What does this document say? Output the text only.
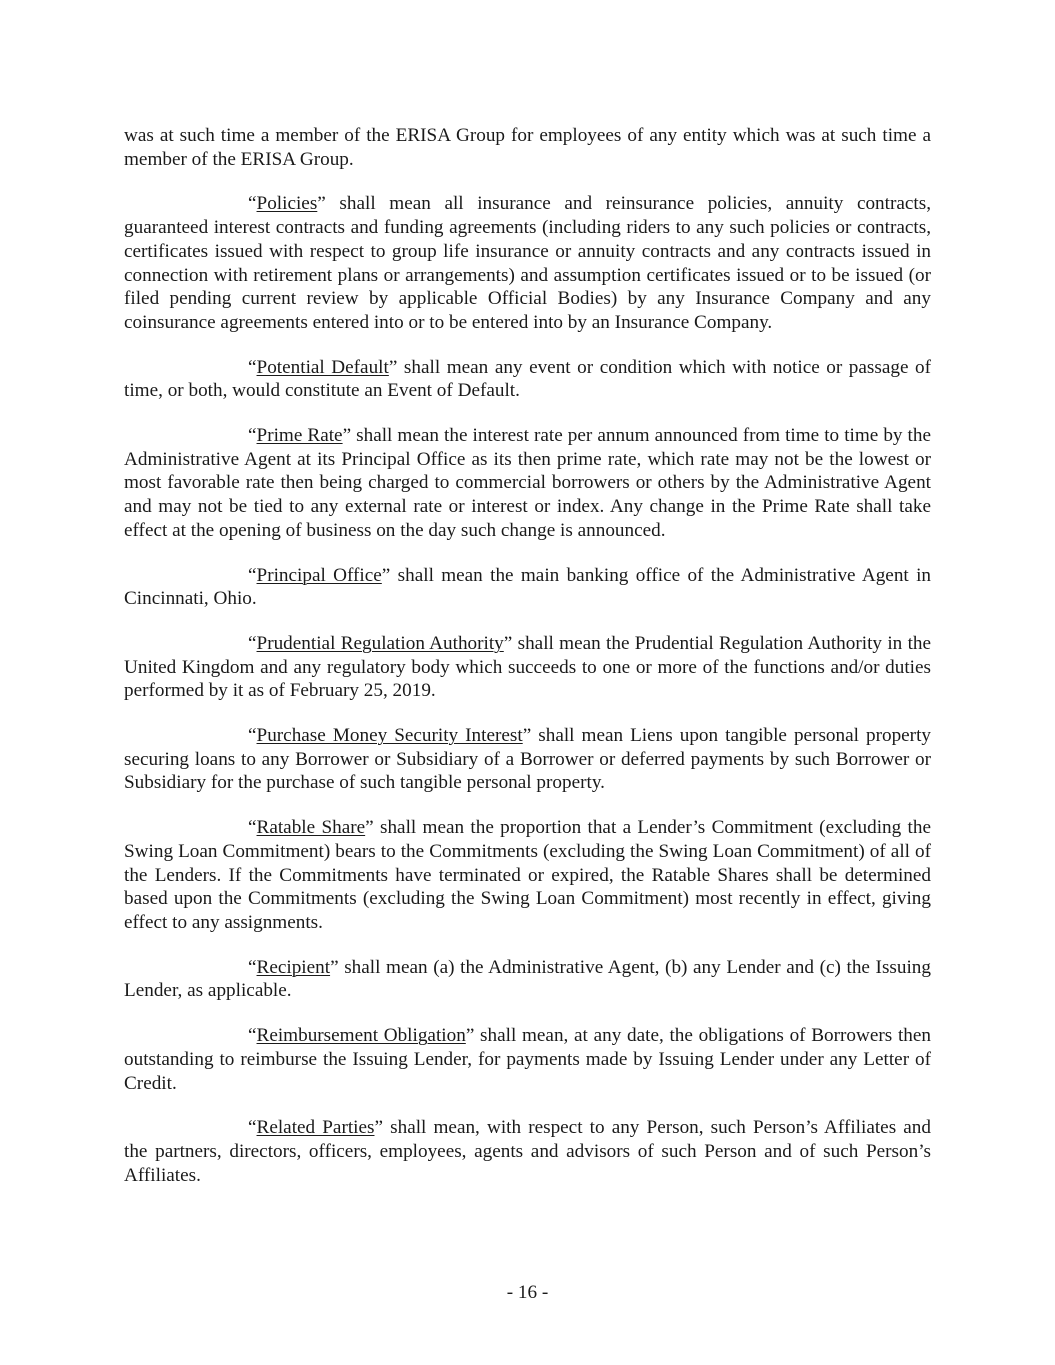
was at such time a member of the ERISA Group for employees of any entity which was at such time a member of the ERISA Group.

“Policies” shall mean all insurance and reinsurance policies, annuity contracts, guaranteed interest contracts and funding agreements (including riders to any such policies or contracts, certificates issued with respect to group life insurance or annuity contracts and any contracts issued in connection with retirement plans or arrangements) and assumption certificates issued or to be issued (or filed pending current review by applicable Official Bodies) by any Insurance Company and any coinsurance agreements entered into or to be entered into by an Insurance Company.

“Potential Default” shall mean any event or condition which with notice or passage of time, or both, would constitute an Event of Default.

“Prime Rate” shall mean the interest rate per annum announced from time to time by the Administrative Agent at its Principal Office as its then prime rate, which rate may not be the lowest or most favorable rate then being charged to commercial borrowers or others by the Administrative Agent and may not be tied to any external rate or interest or index. Any change in the Prime Rate shall take effect at the opening of business on the day such change is announced.

“Principal Office” shall mean the main banking office of the Administrative Agent in Cincinnati, Ohio.

“Prudential Regulation Authority” shall mean the Prudential Regulation Authority in the United Kingdom and any regulatory body which succeeds to one or more of the functions and/or duties performed by it as of February 25, 2019.

“Purchase Money Security Interest” shall mean Liens upon tangible personal property securing loans to any Borrower or Subsidiary of a Borrower or deferred payments by such Borrower or Subsidiary for the purchase of such tangible personal property.

“Ratable Share” shall mean the proportion that a Lender’s Commitment (excluding the Swing Loan Commitment) bears to the Commitments (excluding the Swing Loan Commitment) of all of the Lenders. If the Commitments have terminated or expired, the Ratable Shares shall be determined based upon the Commitments (excluding the Swing Loan Commitment) most recently in effect, giving effect to any assignments.

“Recipient” shall mean (a) the Administrative Agent, (b) any Lender and (c) the Issuing Lender, as applicable.

“Reimbursement Obligation” shall mean, at any date, the obligations of Borrowers then outstanding to reimburse the Issuing Lender, for payments made by Issuing Lender under any Letter of Credit.

“Related Parties” shall mean, with respect to any Person, such Person’s Affiliates and the partners, directors, officers, employees, agents and advisors of such Person and of such Person’s Affiliates.

- 16 -
